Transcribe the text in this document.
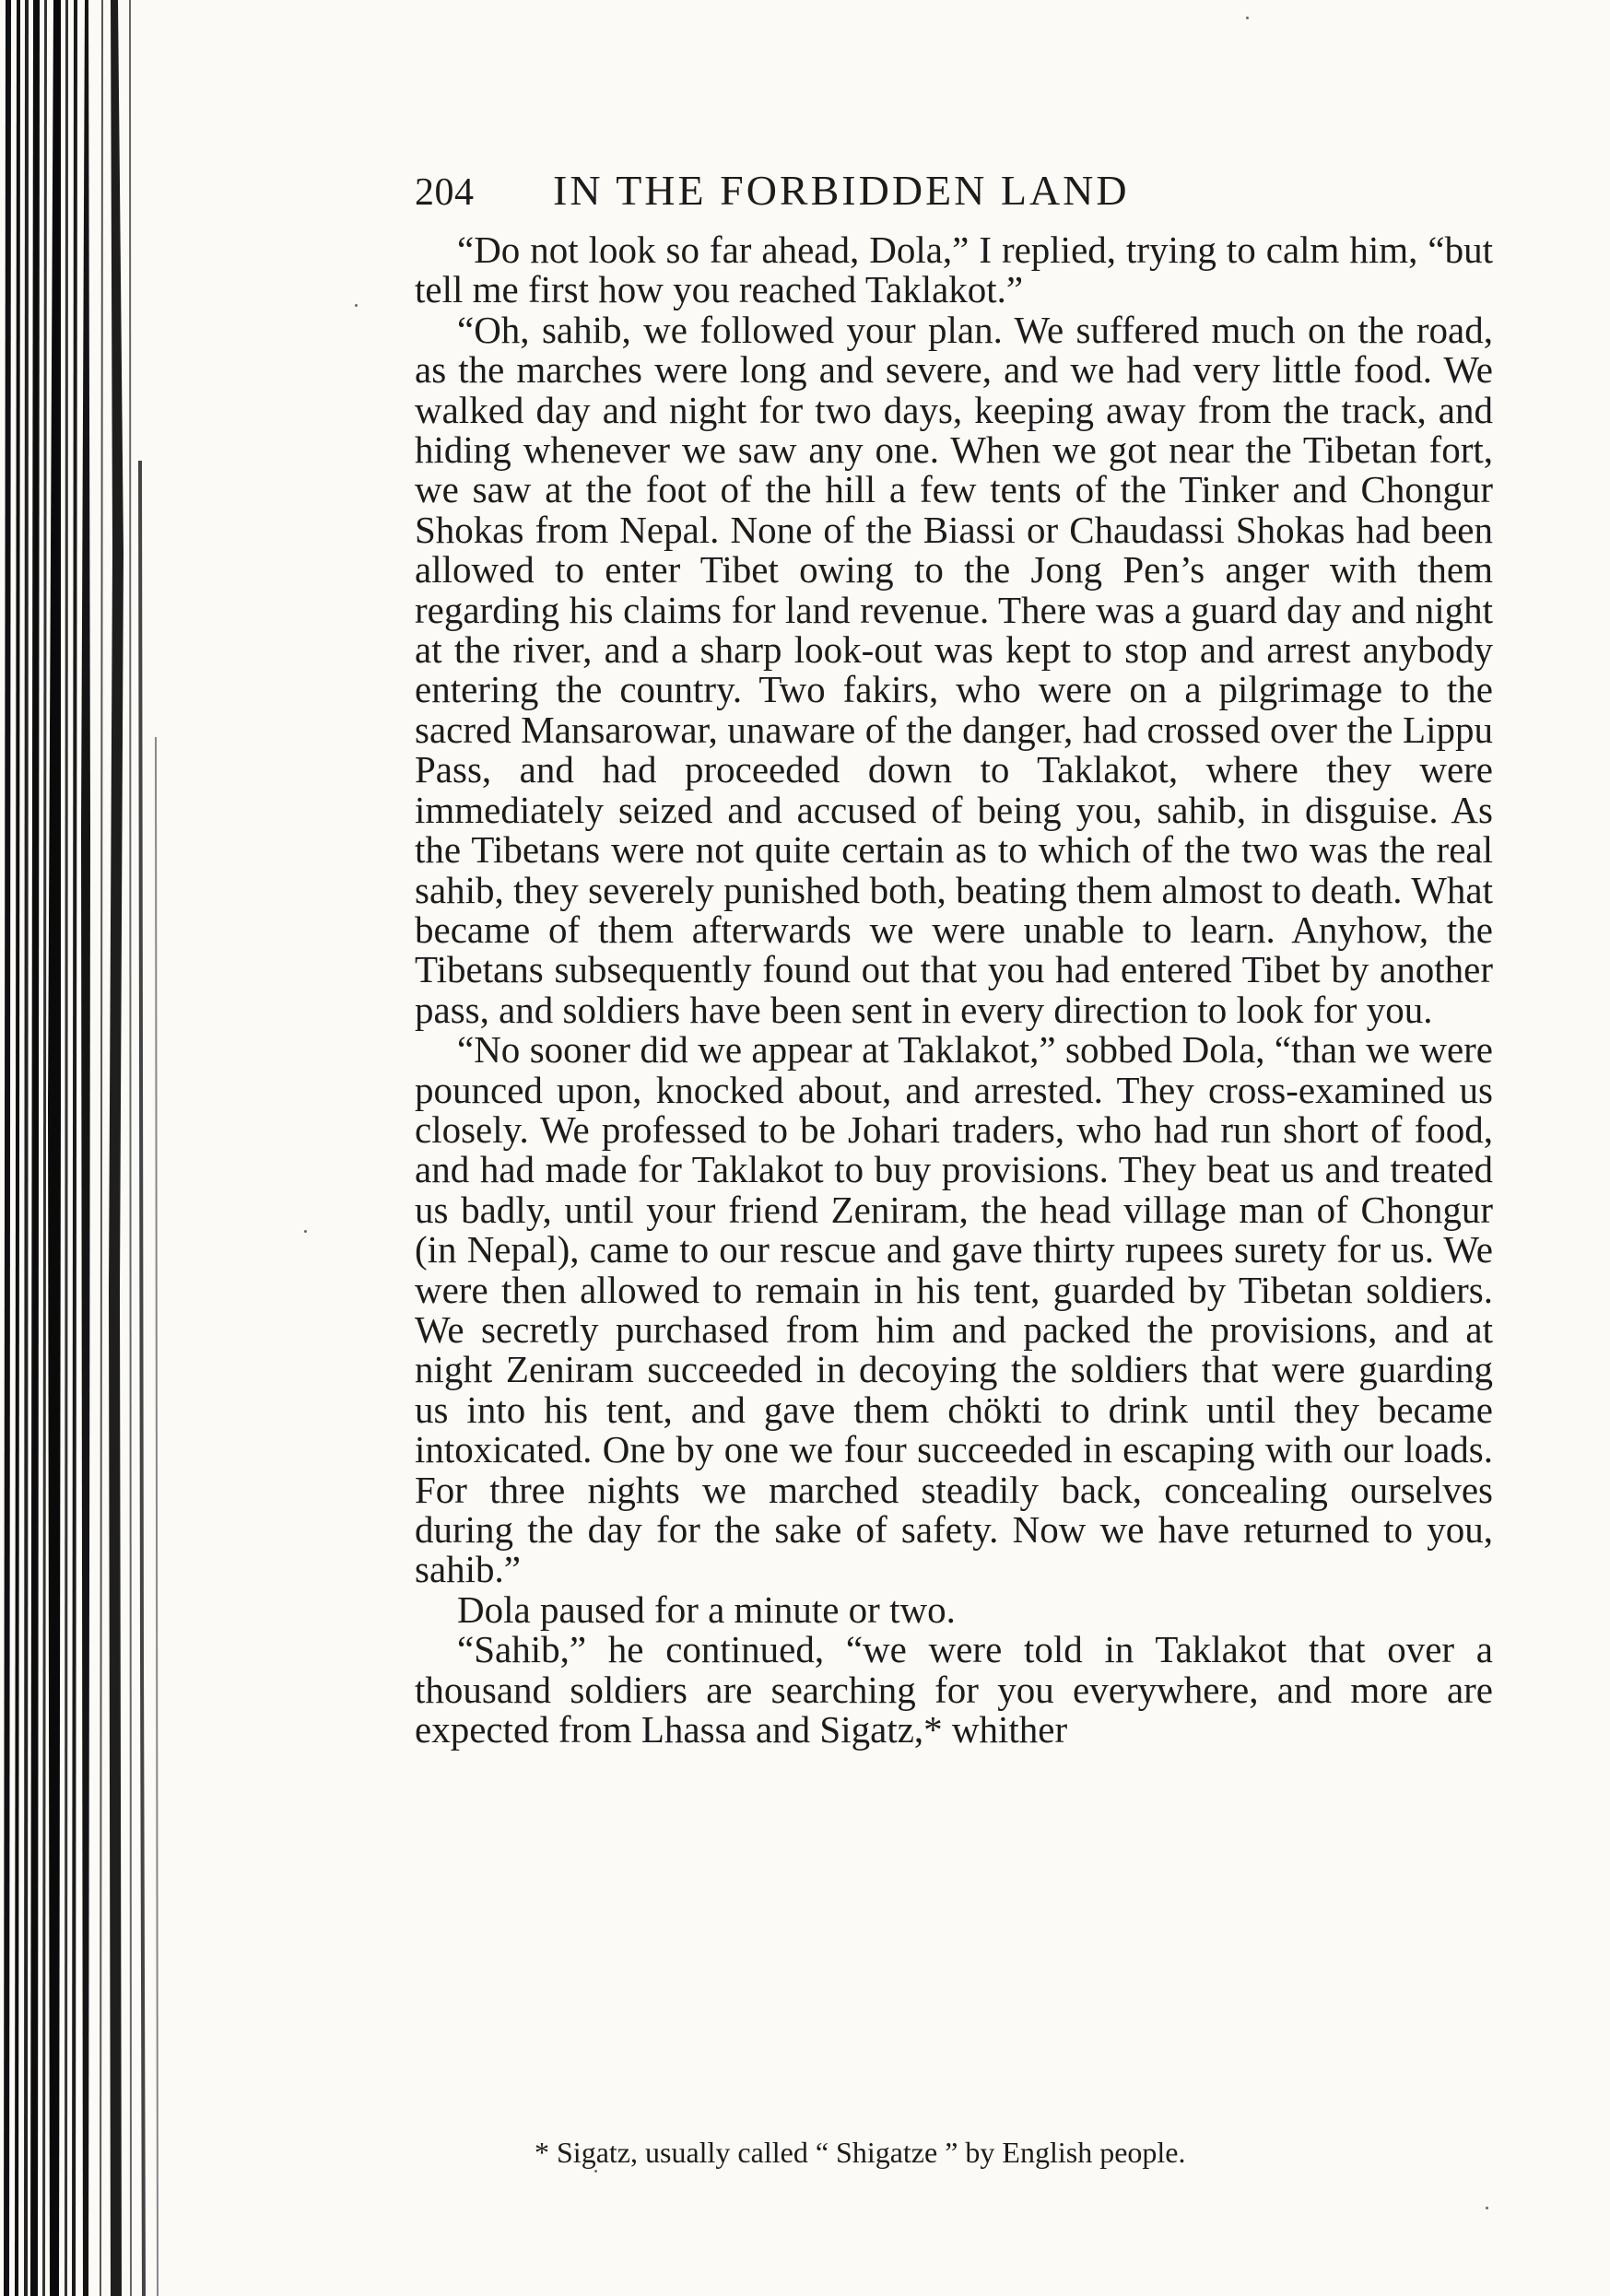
204	IN THE FORBIDDEN LAND

“Do not look so far ahead, Dola,” I replied, trying to calm him, “but tell me first how you reached Taklakot.”

“Oh, sahib, we followed your plan. We suffered much on the road, as the marches were long and severe, and we had very little food. We walked day and night for two days, keeping away from the track, and hiding whenever we saw any one. When we got near the Tibetan fort, we saw at the foot of the hill a few tents of the Tinker and Chongur Shokas from Nepal. None of the Biassi or Chaudassi Shokas had been allowed to enter Tibet owing to the Jong Pen’s anger with them regarding his claims for land revenue. There was a guard day and night at the river, and a sharp look-out was kept to stop and arrest anybody entering the country. Two fakirs, who were on a pilgrimage to the sacred Mansarowar, unaware of the danger, had crossed over the Lippu Pass, and had proceeded down to Taklakot, where they were immediately seized and accused of being you, sahib, in disguise. As the Tibetans were not quite certain as to which of the two was the real sahib, they severely punished both, beating them almost to death. What became of them afterwards we were unable to learn. Anyhow, the Tibetans subsequently found out that you had entered Tibet by another pass, and soldiers have been sent in every direction to look for you.

“No sooner did we appear at Taklakot,” sobbed Dola, “than we were pounced upon, knocked about, and arrested. They cross-examined us closely. We professed to be Johari traders, who had run short of food, and had made for Taklakot to buy provisions. They beat us and treated us badly, until your friend Zeniram, the head village man of Chongur (in Nepal), came to our rescue and gave thirty rupees surety for us. We were then allowed to remain in his tent, guarded by Tibetan soldiers. We secretly purchased from him and packed the provisions, and at night Zeniram succeeded in decoying the soldiers that were guarding us into his tent, and gave them chökti to drink until they became intoxicated. One by one we four succeeded in escaping with our loads. For three nights we marched steadily back, concealing ourselves during the day for the sake of safety. Now we have returned to you, sahib.”

Dola paused for a minute or two.

“Sahib,” he continued, “we were told in Taklakot that over a thousand soldiers are searching for you everywhere, and more are expected from Lhassa and Sigatz,* whither

* Sigatz, usually called “ Shigatze ” by English people.
